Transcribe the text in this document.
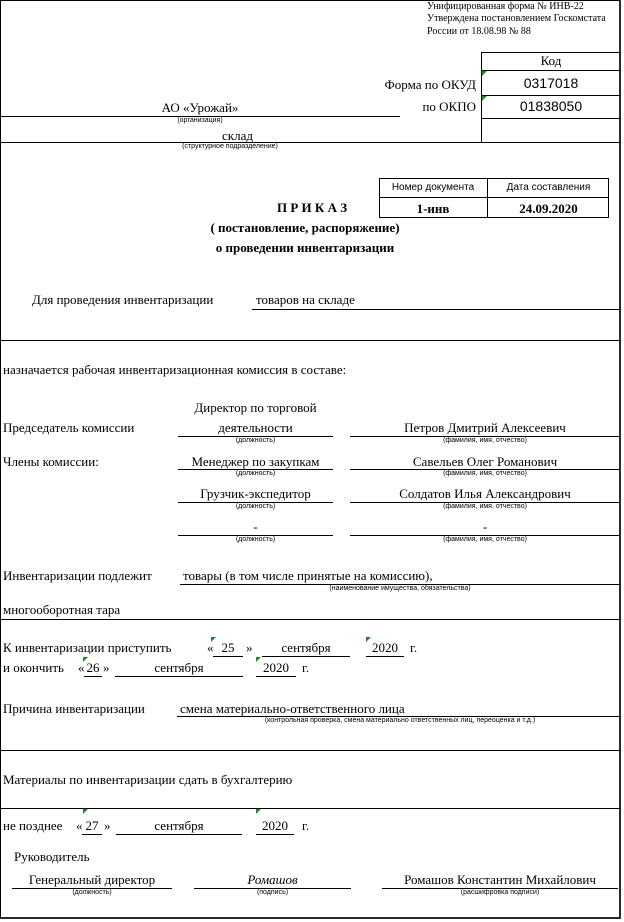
Унифицированная форма № ИНВ-22
Утверждена постановлением Госкомстата
России от 18.08.98 № 88
Код
0317018
01838050
Форма по ОКУД
по ОКПО
АО «Урожай»
(организация)
склад
(структурное подразделение)
Номер документа	Дата составления
1-инв	24.09.2020
П Р И К А З
( постановление, распоряжение)
о проведении инвентаризации
Для проведения инвентаризации	товаров на складе
назначается рабочая инвентаризационная комиссия в составе:
Председатель комиссии
Директор по торговой
деятельности
(должность)
Петров Дмитрий Алексеевич
(фамилия, имя, отчество)
Члены комиссии:	Менеджер по закупкам
(должность)
Савельев Олег Романович
(фамилия, имя, отчество)
Грузчик-экспедитор
(должность)
Солдатов Илья Александрович
(фамилия, имя, отчество)
-
(должность)
-
(фамилия, имя, отчество)
Инвентаризации подлежит товары (в том числе принятые на комиссию),
(наименование имущества, обязательства)
многооборотная тара
К инвентаризации приступить	« 25 »	сентября	2020 г.
и окончить « 26 »	сентября	2020	г.
Причина инвентаризации	смена материально-ответственного лица
(контрольная проверка, смена материально ответственных лиц, переоценка и т.д.)
Материалы по инвентаризации сдать в бухгалтерию
не позднее « 27 »	сентября	2020	г.
Руководитель
Генеральный директор
(должность)
Ромашов
(подпись)
Ромашов Константин Михайлович
(расшифровка подписи)
